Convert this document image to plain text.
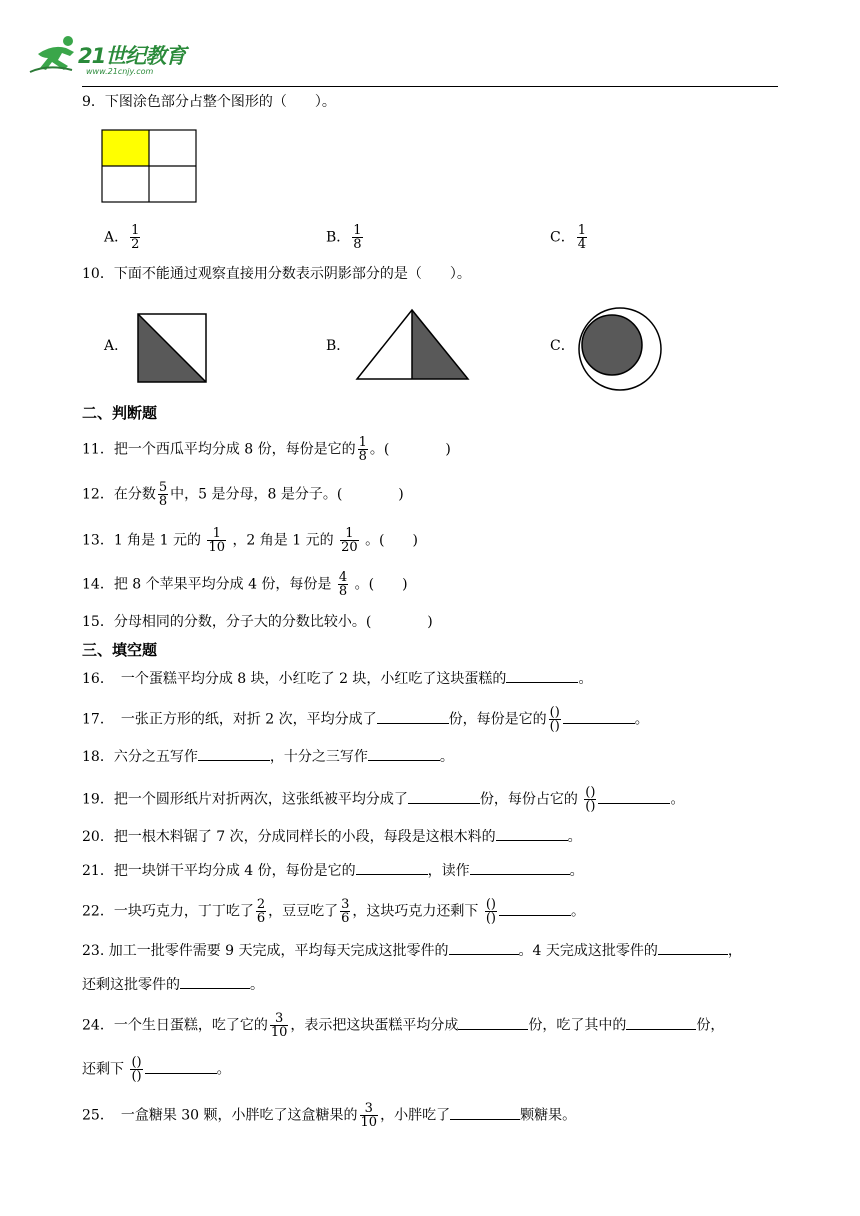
21世纪教育
www.21cnjy.com
9．下图涂色部分占整个图形的（　　）。
A． $\frac{1}{2}$	B． $\frac{1}{8}$	C． $\frac{1}{4}$
10．下面不能通过观察直接用分数表示阴影部分的是（　　）。
A．	B．	C．
二、判断题
11．把一个西瓜平均分成 8 份，每份是它的 $\frac{1}{8}$ 。(　　　　)
12．在分数 $\frac{5}{8}$ 中，5 是分母，8 是分子。(　　　　)
13．1 角是 1 元的 $\frac{1}{10}$ ，2 角是 1 元的 $\frac{1}{20}$ 。(　　)
14．把 8 个苹果平均分成 4 份，每份是 $\frac{4}{8}$ 。(　　)
15．分母相同的分数，分子大的分数比较小。(　　　　)
三、填空题
16．　一个蛋糕平均分成 8 块，小红吃了 2 块，小红吃了这块蛋糕的	。
17．　一张正方形的纸，对折 2 次，平均分成了	份，每份是它的 $\frac{()}{()}$	。
18．六分之五写作	，十分之三写作	。
19．把一个圆形纸片对折两次，这张纸被平均分成了	份，每份占它的 $\frac{()}{()}$	。
20．把一根木料锯了 7 次，分成同样长的小段，每段是这根木料的	。
21．把一块饼干平均分成 4 份，每份是它的	，读作	。
22．一块巧克力，丁丁吃了 $\frac{2}{6}$ ，豆豆吃了 $\frac{3}{6}$ ，这块巧克力还剩下 $\frac{()}{()}$	。
23. 加工一批零件需要 9 天完成，平均每天完成这批零件的	。4 天完成这批零件的	，
还剩这批零件的	。
24．一个生日蛋糕，吃了它的 $\frac{3}{10}$ ，表示把这块蛋糕平均分成	份，吃了其中的	份，
还剩下 $\frac{()}{()}$	。
25．　一盒糖果 30 颗，小胖吃了这盒糖果的 $\frac{3}{10}$ ，小胖吃了	颗糖果。
